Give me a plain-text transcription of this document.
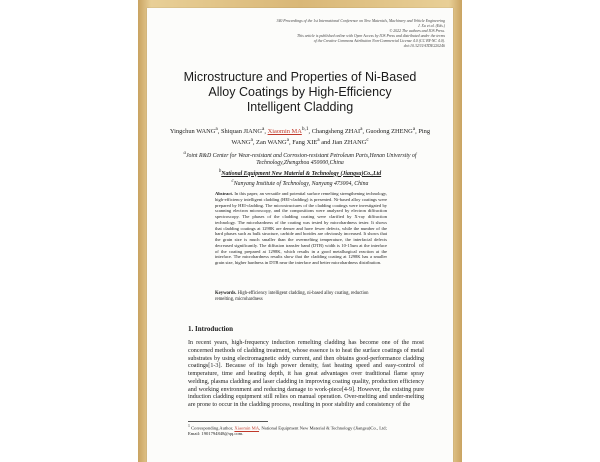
340 Proceedings of the 1st International Conference on New Materials, Machinery and Vehicle Engineering
J. Xu et al. (Eds.)
© 2022 The authors and IOS Press.
This article is published online with Open Access by IOS Press and distributed under the terms
of the Creative Commons Attribution Non-Commercial License 4.0 (CC BY-NC 4.0).
doi:10.3233/ATDE220246
Microstructure and Properties of Ni-Based
Alloy Coatings by High-Efficiency
Intelligent Cladding
Yingchun WANG$^a$, Shiquan JIANG$^a$, Xiaomin MA$^{b,1}$, Changsheng ZHAI$^a$, Guodong ZHENG$^a$, Ping WANG$^a$, Zan WANG$^a$, Fang XIE$^a$ and Jian ZHANG$^c$
$^a$Joint R&D Center for Wear-resistant and Corrosion-resistant Petroleum Parts,Henan University of Technology,Zhengzhou 450000,China
$^b$National Equipment New Material & Technology (Jiangsu)Co.,Ltd
$^c$Nanyang Institute of Technology, Nanyang 473004, China
Abstract. In this paper, an versatile and potential surface remelting strengthening technology, high-efficiency intelligent cladding (HEI-cladding) is presented. Ni-based alloy coatings were prepared by HEI-cladding. The microstructures of the cladding coatings were investigated by scanning electron microscopy, and the compositions were analyzed by electron diffraction spectroscopy. The phases of the cladding coating were clarified by X-ray diffraction technology. The microhardness of the coating was tested by microhardness tester. It shows that cladding coatings at 1298K are denser and have fewer defects, while the number of the hard phases such as bulk structure, carbide and borides are obviously increased. It shows that the grain size is much smaller than the overmelting temperature, the interfacial defects decreased significantly. The diffusion transfer band (DTB) width is 10-15um at the interface of the coating prepared at 1298K, which results in a good metallurgical reaction at the interface. The microhardness results show that the cladding coating at 1298K has a smaller grain size, higher hardness in DTB near the interface and better microhardness distribution.
Keywords. High-efficiency intelligent cladding, ni-based alloy coating, reduction remelting, microhardness
1. Introduction
In recent years, high-frequency induction remelting cladding has become one of the most concerned methods of cladding treatment, whose essence is to heat the surface coatings of metal substrates by using electromagnetic eddy current, and then obtains good-performance cladding coatings[1-3]. Because of its high power density, fast heating speed and easy-control of temperature, time and heating depth, it has great advantages over traditional flame spray welding, plasma cladding and laser cladding in improving coating quality, production efficiency and working environment and reducing damage to work-piece[4-9]. However, the existing pure induction cladding equipment still relies on manual operation. Over-melting and under-melting are prone to occur in the cladding process, resulting in poor stability and consistency of the
$^1$ Corresponding Author, Xiaomin MA, National Equipment New Material & Technology (Jiangsu)Co., Ltd;
Email: 1901794848@qq.com.
